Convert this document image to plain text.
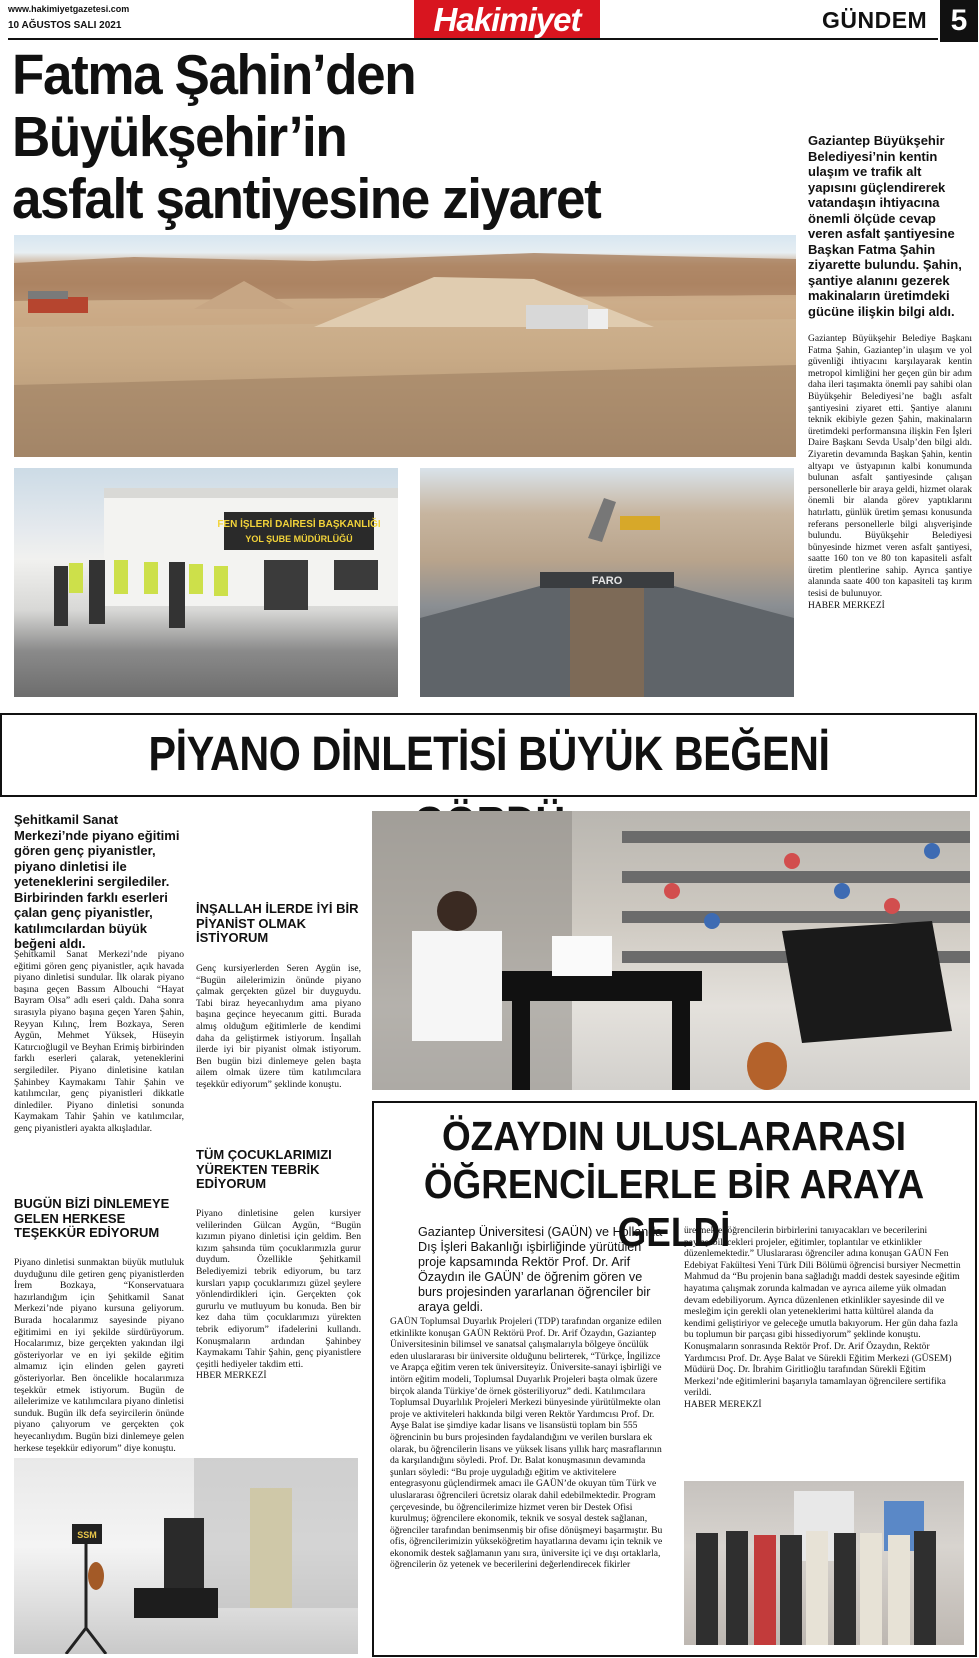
www.hakimiyetgazetesi.com
10 AĞUSTOS SALI 2021	Hakimiyet	GÜNDEM 5
Fatma Şahin’den Büyükşehir’in
asfalt şantiyesine ziyaret
Gaziantep Büyükşehir Belediyesi’nin kentin ulaşım ve trafik alt yapısını güçlendirerek vatandaşın ihtiyacına önemli ölçüde cevap veren asfalt şantiyesine Başkan Fatma Şahin ziyarette bulundu. Şahin, şantiye alanını gezerek makinaların üretimdeki gücüne ilişkin bilgi aldı.
Gaziantep Büyükşehir Belediye Başkanı Fatma Şahin, Gaziantep’in ulaşım ve yol güvenliği ihtiyacını karşılayarak kentin metropol kimliğini her geçen gün bir adım daha ileri taşımakta önemli pay sahibi olan Büyükşehir Belediyesi’ne bağlı asfalt şantiyesini ziyaret etti. Şantiye alanını teknik ekibiyle gezen Şahin, makinaların üretimdeki performansına ilişkin Fen İşleri Daire Başkanı Sevda Usalp’den bilgi aldı. Ziyaretin devamında Başkan Şahin, kentin altyapı ve üstyapının kalbi konumunda bulunan asfalt şantiyesinde çalışan personellerle bir araya geldi, hizmet olarak önemli bir alanda görev yaptıklarını hatırlattı, günlük üretim şeması konusunda referans personellerle bilgi alışverişinde bulundu. Büyükşehir Belediyesi bünyesinde hizmet veren asfalt şantiyesi, saatte 160 ton ve 80 ton kapasiteli asfalt üretim plentlerine sahip. Ayrıca şantiye alanında saate 400 ton kapasiteli taş kırım tesisi de bulunuyor.
HABER MERKEZİ
FEN İŞLERİ DAİRESİ BAŞKANLIĞI
YOL ŞUBE MÜDÜRLÜĞÜ
FARO
PİYANO DİNLETİSİ BÜYÜK BEĞENİ
Şehitkamil Sanat Merkezi’nde piyano eğitimi gören genç piyanistler, piyano dinletisi ile yeteneklerini sergilediler. Birbirinden farklı eserleri çalan genç piyanistler, katılımcılardan büyük beğeni aldı.
Şehitkamil Sanat Merkezi’nde piyano eğitimi gören genç piyanistler, açık havada piyano dinletisi sundular. İlk olarak piyano başına geçen Bassım Albouchi “Hayat Bayram Olsa” adlı eseri çaldı. Daha sonra sırasıyla piyano başına geçen Yaren Şahin, Reyyan Kılınç, İrem Bozkaya, Seren Aygün, Mehmet Yüksek, Hüseyin Katırcıoğlugil ve Beyhan Erimiş birbirinden farklı eserleri çalarak, yeteneklerini sergilediler. Piyano dinletisine katılan Şahinbey Kaymakamı Tahir Şahin ve katılımcılar, genç piyanistleri dikkatle dinlediler. Piyano dinletisi sonunda Kaymakam Tahir Şahin ve katılımcılar, genç piyanistleri ayakta alkışladılar.
BUGÜN BİZİ DİNLEMEYE GELEN HERKESE TEŞEKKÜR EDİYORUM
Piyano dinletisi sunmaktan büyük mutluluk duyduğunu dile getiren genç piyanistlerden İrem Bozkaya, “Konservatuara hazırlandığım için Şehitkamil Sanat Merkezi’nde piyano kursuna geliyorum. Burada hocalarımız sayesinde piyano eğitimimi en iyi şekilde sürdürüyorum. Hocalarımız, bize gerçekten yakından ilgi gösteriyorlar ve en iyi şekilde eğitim almamız için elinden gelen gayreti gösteriyorlar. Ben öncelikle hocalarımıza teşekkür etmek istiyorum. Bugün de ailelerimize ve katılımcılara piyano dinletisi sunduk. Bugün ilk defa seyircilerin önünde piyano çalıyorum ve gerçekten çok heyecanlıydım. Bugün bizi dinlemeye gelen herkese teşekkür ediyorum” diye konuştu.
İNŞALLAH İLERDE İYİ BİR PİYANİST OLMAK İSTİYORUM
Genç kursiyerlerden Seren Aygün ise, “Bugün ailelerimizin önünde piyano çalmak gerçekten güzel bir duyguydu. Tabi biraz heyecanlıydım ama piyano başına geçince heyecanım gitti. Burada almış olduğum eğitimlerle de kendimi daha da geliştirmek istiyorum. İnşallah ilerde iyi bir piyanist olmak istiyorum. Ben bugün bizi dinlemeye gelen başta ailem olmak üzere tüm katılımcılara teşekkür ediyorum” şeklinde konuştu.
TÜM ÇOCUKLARIMIZI YÜREKTEN TEBRİK EDİYORUM
Piyano dinletisine gelen kursiyer velilerinden Gülcan Aygün, “Bugün kızımın piyano dinletisi için geldim. Ben kızım şahsında tüm çocuklarımızla gurur duydum. Özellikle Şehitkamil Belediyemizi tebrik ediyorum, bu tarz kursları yapıp çocuklarımızı güzel şeylere yönlendirdikleri için. Gerçekten çok gururlu ve mutluyum bu konuda. Ben bir kez daha tüm çocuklarımızı yürekten tebrik ediyorum” ifadelerini kullandı. Konuşmaların ardından Şahinbey Kaymakamı Tahir Şahin, genç piyanistlere çeşitli hediyeler takdim etti.
HBER MERKEZİ
SSM
ÖZAYDIN ULUSLARARASI
ÖĞRENCİLERLE BİR ARAYA GELDİ
Gaziantep Üniversitesi (GAÜN) ve Hollanda Dış İşleri Bakanlığı işbirliğinde yürütülen proje kapsamında Rektör Prof. Dr. Arif Özaydın ile GAÜN’ de öğrenim gören ve burs projesinden yararlanan öğrenciler bir araya geldi.
GAÜN Toplumsal Duyarlık Projeleri (TDP) tarafından organize edilen etkinlikte konuşan GAÜN Rektörü Prof. Dr. Arif Özaydın, Gaziantep Üniversitesinin bilimsel ve sanatsal çalışmalarıyla bölgeye öncülük eden uluslararası bir üniversite olduğunu belirterek, “Türkçe, İngilizce ve Arapça eğitim veren tek üniversiteyiz. Üniversite-sanayi işbirliği ve intörn eğitim modeli, Toplumsal Duyarlık Projeleri başta olmak üzere birçok alanda Türkiye’de örnek gösteriliyoruz” dedi. Katılımcılara Toplumsal Duyarlılık Projeleri Merkezi bünyesinde yürütülmekte olan proje ve aktiviteleri hakkında bilgi veren Rektör Yardımcısı Prof. Dr. Ayşe Balat ise şimdiye kadar lisans ve lisansüstü toplam bin 555 öğrencinin bu burs projesinden faydalandığını ve verilen burslara ek olarak, bu öğrencilerin lisans ve yüksek lisans yıllık harç masraflarının da karşılandığını söyledi. Prof. Dr. Balat konuşmasının devamında şunları söyledi: “Bu proje uyguladığı eğitim ve aktivitelere entegrasyonu güçlendirmek amacı ile GAÜN’de okuyan tüm Türk ve uluslararası öğrencileri ücretsiz olarak dahil edebilmektedir. Program çerçevesinde, bu öğrencilerimize hizmet veren bir Destek Ofisi kurulmuş; öğrencilere ekonomik, teknik ve sosyal destek sağlanan, öğrenciler tarafından benimsenmiş bir ofise dönüşmeyi başarmıştır. Bu ofis, öğrencilerimizin yükseköğretim hayatlarına devamı için teknik ve ekonomik destek sağlamanın yanı sıra, üniversite içi ve dışı ortaklarla, öğrencilerin öz yetenek ve becerilerini değerlendirecek fikirler
üretmekte; öğrencilerin birbirlerini tanıyacakları ve becerilerini paylaşabilecekleri projeler, eğitimler, toplantılar ve etkinlikler düzenlemektedir.” Uluslararası öğrenciler adına konuşan GAÜN Fen Edebiyat Fakültesi Yeni Türk Dili Bölümü öğrencisi bursiyer Necmettin Mahmud da “Bu projenin bana sağladığı maddi destek sayesinde eğitim hayatıma çalışmak zorunda kalmadan ve ayrıca aileme yük olmadan devam edebiliyorum. Ayrıca düzenlenen etkinlikler sayesinde dil ve mesleğim için gerekli olan yeteneklerimi hatta kültürel alanda da kendimi geliştiriyor ve geleceğe umutla bakıyorum. Her gün daha fazla bu toplumun bir parçası gibi hissediyorum” şeklinde konuştu. Konuşmaların sonrasında Rektör Prof. Dr. Arif Özaydın, Rektör Yardımcısı Prof. Dr. Ayşe Balat ve Sürekli Eğitim Merkezi (GÜSEM) Müdürü Doç. Dr. İbrahim Giritlioğlu tarafından Sürekli Eğitim Merkezi’nde eğitimlerini başarıyla tamamlayan öğrencilere sertifika verildi.
HABER MEREKZİ
